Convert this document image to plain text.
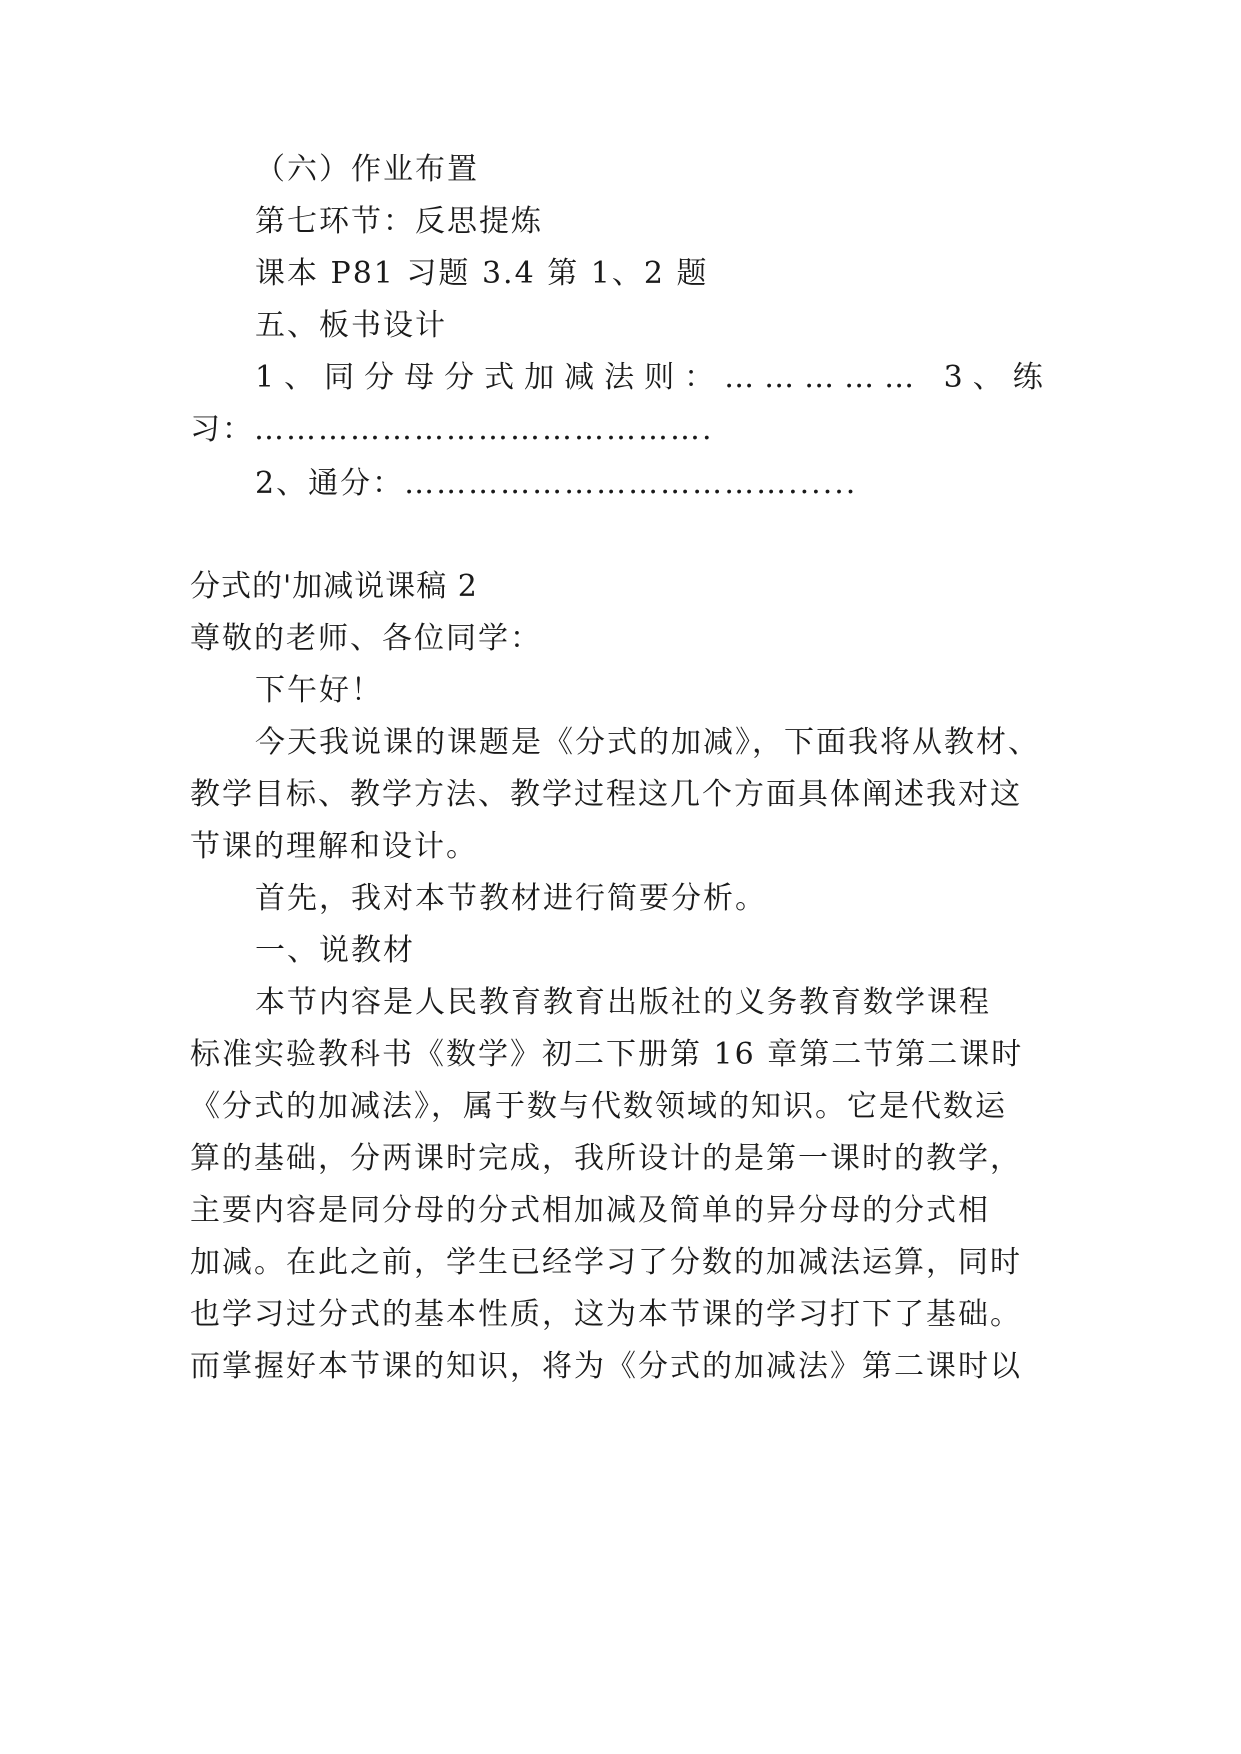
（六）作业布置
第七环节：反思提炼
课本 P81 习题 3.4 第 1、2 题
五、板书设计
1、同分母分式加减法则：…………… 3、练
习：…………………………………….
2、通分：………………………………......
分式的'加减说课稿 2
尊敬的老师、各位同学：
下午好！
今天我说课的课题是《分式的加减》，下面我将从教材、
教学目标、教学方法、教学过程这几个方面具体阐述我对这
节课的理解和设计。
首先，我对本节教材进行简要分析。
一、说教材
本节内容是人民教育教育出版社的义务教育数学课程
标准实验教科书《数学》初二下册第 16 章第二节第二课时
《分式的加减法》，属于数与代数领域的知识。它是代数运
算的基础，分两课时完成，我所设计的是第一课时的教学，
主要内容是同分母的分式相加减及简单的异分母的分式相
加减。在此之前，学生已经学习了分数的加减法运算，同时
也学习过分式的基本性质，这为本节课的学习打下了基础。
而掌握好本节课的知识，将为《分式的加减法》第二课时以
